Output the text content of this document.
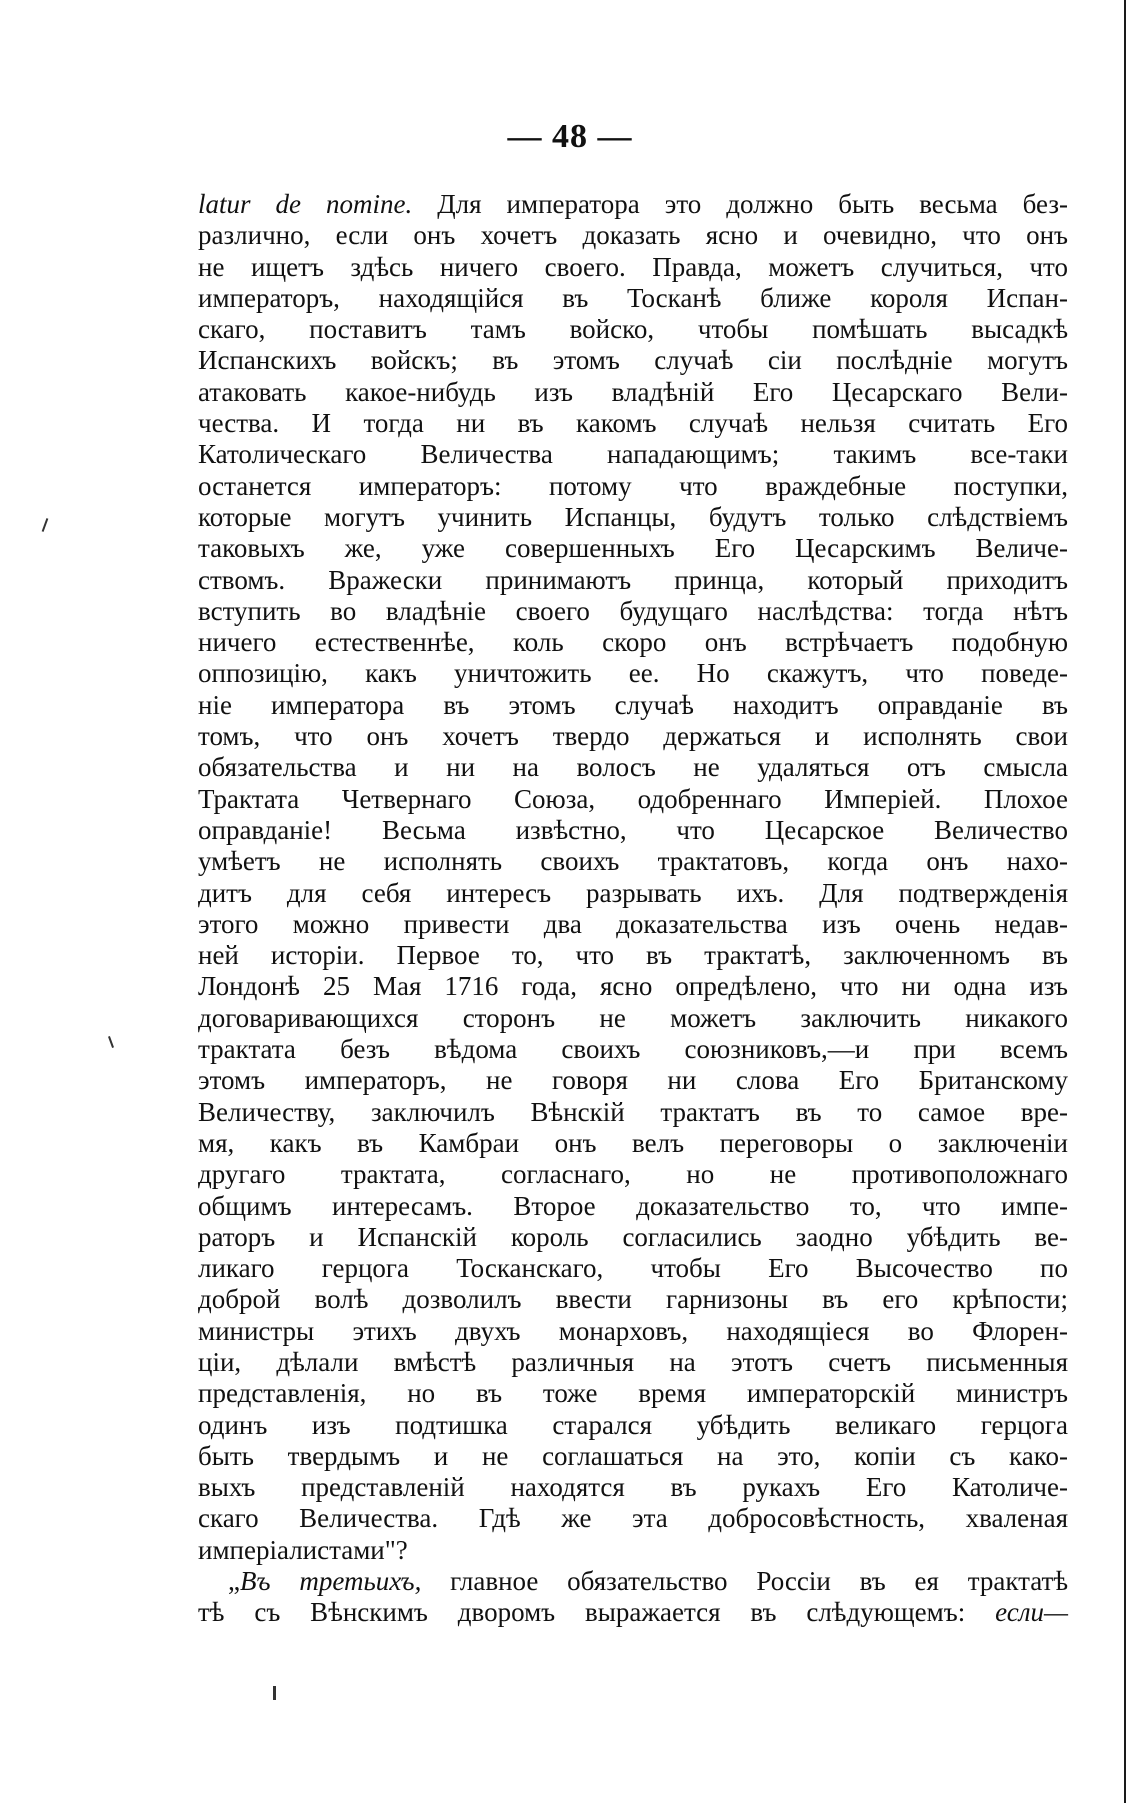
— 48 —
latur de nomine. Для императора это должно быть весьма без-
различно, если онъ хочетъ доказать ясно и очевидно, что онъ
не ищетъ здѣсь ничего своего. Правда, можетъ случиться, что
императоръ, находящійся въ Тосканѣ ближе короля Испан-
скаго, поставитъ тамъ войско, чтобы помѣшать высадкѣ
Испанскихъ войскъ; въ этомъ случаѣ сіи послѣдніе могутъ
атаковать какое-нибудь изъ владѣній Его Цесарскаго Вели-
чества. И тогда ни въ какомъ случаѣ нельзя считать Его
Католическаго Величества нападающимъ; такимъ все-таки
останется императоръ: потому что враждебные поступки,
которые могутъ учинить Испанцы, будутъ только слѣдствіемъ
таковыхъ же, уже совершенныхъ Его Цесарскимъ Величе-
ствомъ. Вражески принимаютъ принца, который приходитъ
вступить во владѣніе своего будущаго наслѣдства: тогда нѣтъ
ничего естественнѣе, коль скоро онъ встрѣчаетъ подобную
оппозицію, какъ уничтожить ее. Но скажутъ, что поведе-
ніе императора въ этомъ случаѣ находитъ оправданіе въ
томъ, что онъ хочетъ твердо держаться и исполнять свои
обязательства и ни на волосъ не удаляться отъ смысла
Трактата Четвернаго Союза, одобреннаго Имперіей. Плохое
оправданіе! Весьма извѣстно, что Цесарское Величество
умѣетъ не исполнять своихъ трактатовъ, когда онъ нахо-
дитъ для себя интересъ разрывать ихъ. Для подтвержденія
этого можно привести два доказательства изъ очень недав-
ней исторіи. Первое то, что въ трактатѣ, заключенномъ въ
Лондонѣ 25 Мая 1716 года, ясно опредѣлено, что ни одна изъ
договаривающихся сторонъ не можетъ заключить никакого
трактата безъ вѣдома своихъ союзниковъ,—и при всемъ
этомъ императоръ, не говоря ни слова Его Британскому
Величеству, заключилъ Вѣнскій трактатъ въ то самое вре-
мя, какъ въ Камбраи онъ велъ переговоры о заключеніи
другаго трактата, согласнаго, но не противоположнаго
общимъ интересамъ. Второе доказательство то, что импе-
раторъ и Испанскій король согласились заодно убѣдить ве-
ликаго герцога Тосканскаго, чтобы Его Высочество по
доброй волѣ дозволилъ ввести гарнизоны въ его крѣпости;
министры этихъ двухъ монарховъ, находящіеся во Флорен-
ціи, дѣлали вмѣстѣ различныя на этотъ счетъ письменныя
представленія, но въ тоже время императорскій министръ
одинъ изъ подтишка старался убѣдить великаго герцога
быть твердымъ и не соглашаться на это, копіи съ како-
выхъ представленій находятся въ рукахъ Его Католиче-
скаго Величества. Гдѣ же эта добросовѣстность, хваленая
имперіалистами"?
„Въ третьихъ, главное обязательство Россіи въ ея трактатѣ
тѣ съ Вѣнскимъ дворомъ выражается въ слѣдующемъ: если—
